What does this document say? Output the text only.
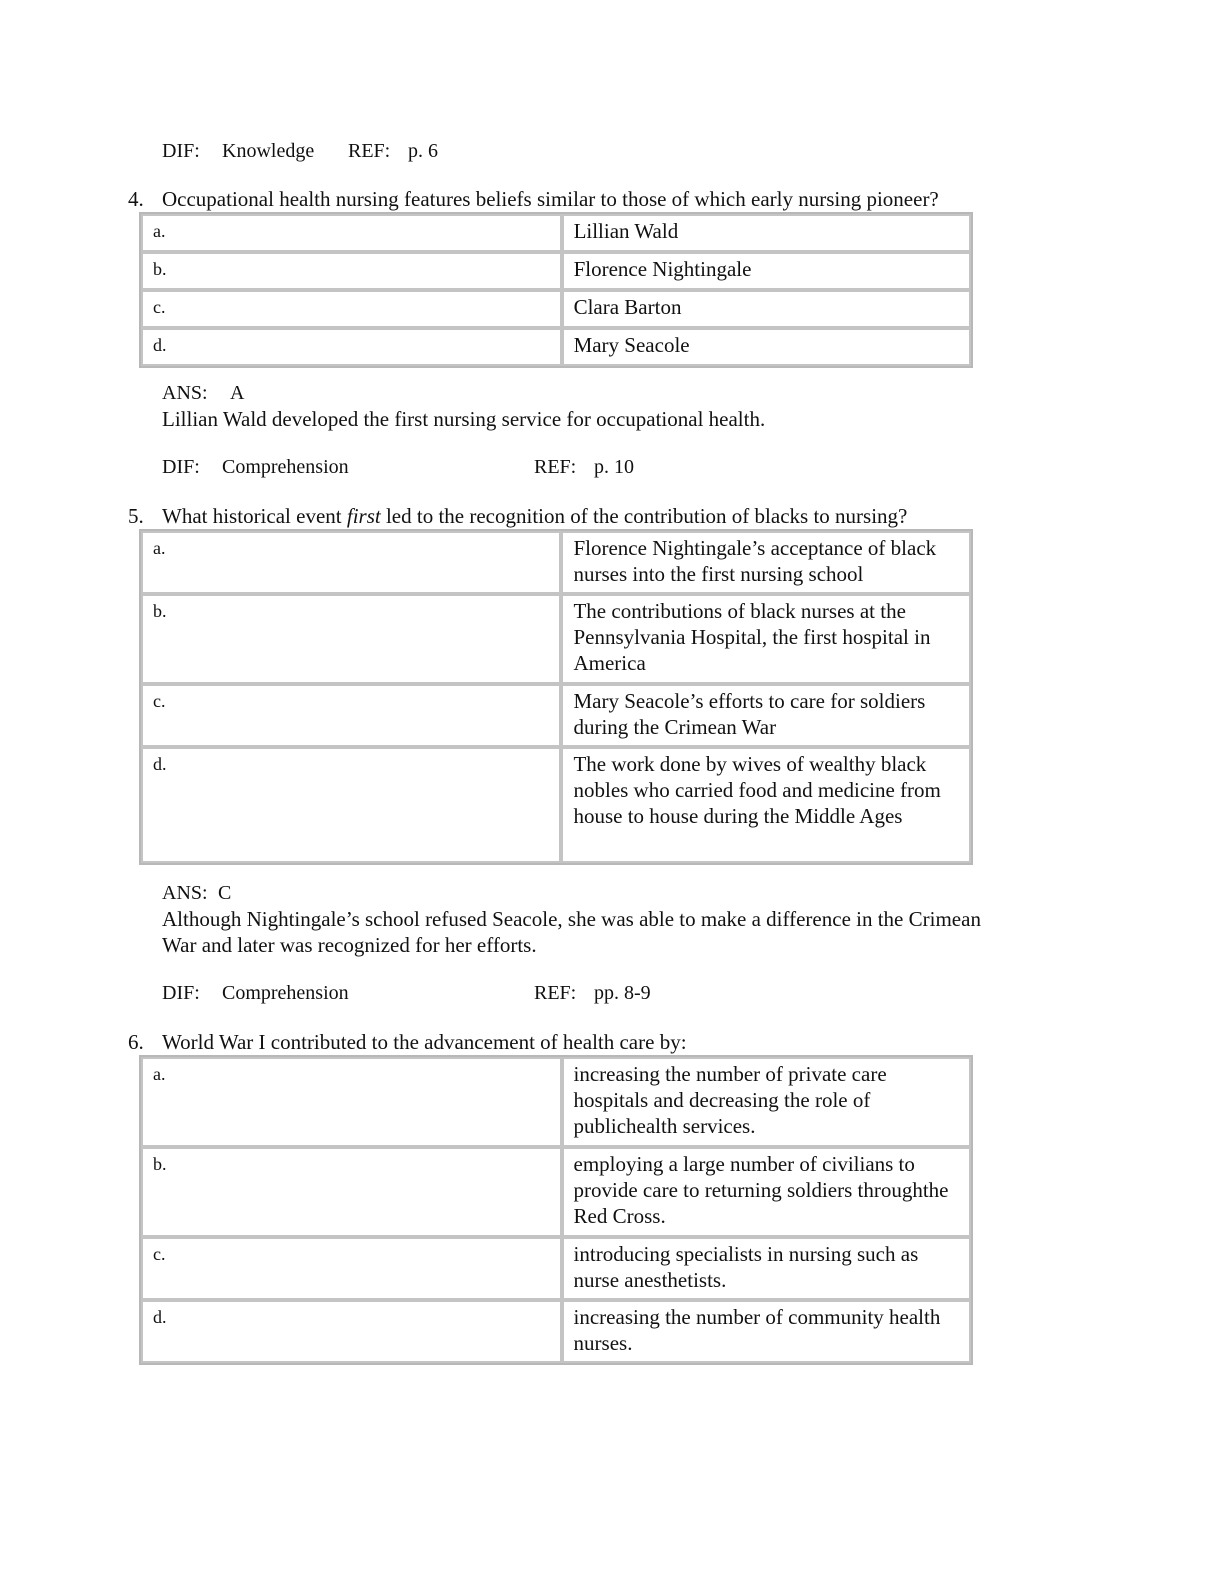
DIF: Knowledge REF: p. 6
4. Occupational health nursing features beliefs similar to those of which early nursing pioneer?
a.	Lillian Wald
b.	Florence Nightingale
c.	Clara Barton
d.	Mary Seacole
ANS: A
Lillian Wald developed the first nursing service for occupational health.
DIF: Comprehension	REF: p. 10
5. What historical event first led to the recognition of the contribution of blacks to nursing?
a.	Florence Nightingale’s acceptance of black nurses into the first nursing school
b.	The contributions of black nurses at the Pennsylvania Hospital, the first hospital in America
c.	Mary Seacole’s efforts to care for soldiers during the Crimean War
d.	The work done by wives of wealthy black nobles who carried food and medicine from house to house during the Middle Ages
ANS: C
Although Nightingale’s school refused Seacole, she was able to make a difference in the Crimean
War and later was recognized for her efforts.
DIF: Comprehension	REF: pp. 8-9
6. World War I contributed to the advancement of health care by:
a.	increasing the number of private care hospitals and decreasing the role of publichealth services.
b.	employing a large number of civilians to provide care to returning soldiers throughthe Red Cross.
c.	introducing specialists in nursing such as nurse anesthetists.
d.	increasing the number of community health nurses.
